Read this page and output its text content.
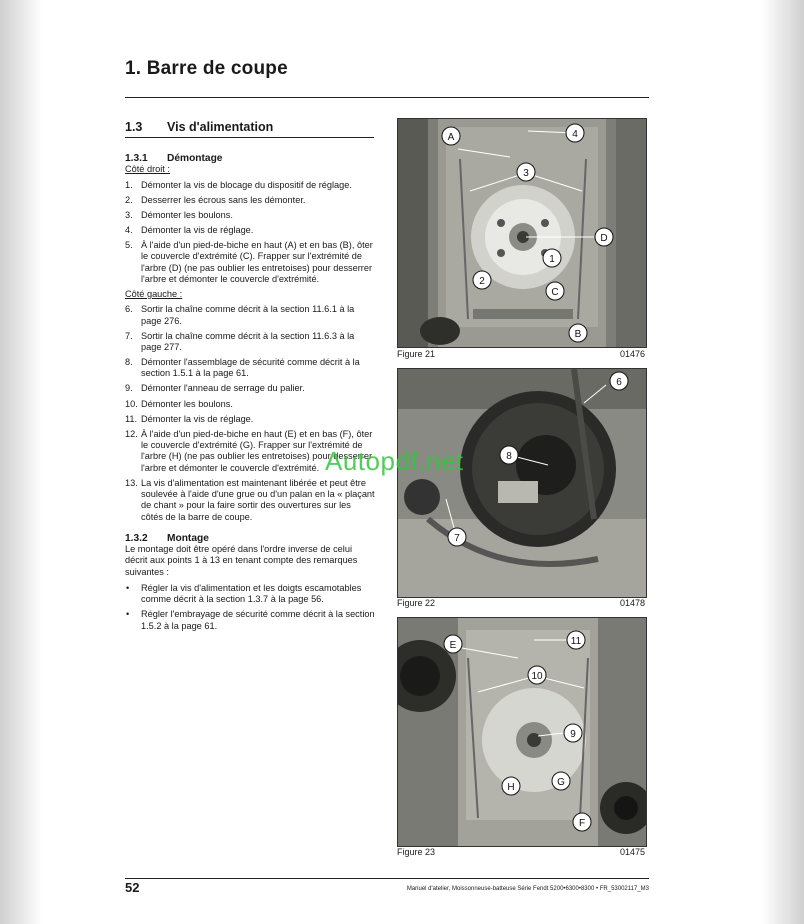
1. Barre de coupe
1.3 Vis d'alimentation
1.3.1 Démontage
Côté droit :
1. Démonter la vis de blocage du dispositif de réglage.
2. Desserrer les écrous sans les démonter.
3. Démonter les boulons.
4. Démonter la vis de réglage.
5. À l'aide d'un pied-de-biche en haut (A) et en bas (B), ôter le couvercle d'extrémité (C). Frapper sur l'extrémité de l'arbre (D) (ne pas oublier les entretoises) pour desserrer l'arbre et démonter le couvercle d'extrémité.
Côté gauche :
6. Sortir la chaîne comme décrit à la section 11.6.1 à la page 276.
7. Sortir la chaîne comme décrit à la section 11.6.3 à la page 277.
8. Démonter l'assemblage de sécurité comme décrit à la section 1.5.1 à la page 61.
9. Démonter l'anneau de serrage du palier.
10. Démonter les boulons.
11. Démonter la vis de réglage.
12. À l'aide d'un pied-de-biche en haut (E) et en bas (F), ôter le couvercle d'extrémité (G). Frapper sur l'extrémité de l'arbre (H) (ne pas oublier les entretoises) pour desserrer l'arbre et démonter le couvercle d'extrémité.
13. La vis d'alimentation est maintenant libérée et peut être soulevée à l'aide d'une grue ou d'un palan en la « plaçant de chant » pour la faire sortir des ouvertures sur les côtés de la barre de coupe.
1.3.2 Montage
Le montage doit être opéré dans l'ordre inverse de celui décrit aux points 1 à 13 en tenant compte des remarques suivantes :
• Régler la vis d'alimentation et les doigts escamotables comme décrit à la section 1.3.7 à la page 56.
• Régler l'embrayage de sécurité comme décrit à la section 1.5.2 à la page 61.
A	4
3
D
1
2
C
B
Figure 21	01476
6
8
7
Figure 22	01478
E	11
10
9
H	G
F
Figure 23	01475
Autopdf.net
52	Manuel d'atelier, Moissonneuse-batteuse Série Fendt 5200•6300•8300 • FR_53002117_M3
